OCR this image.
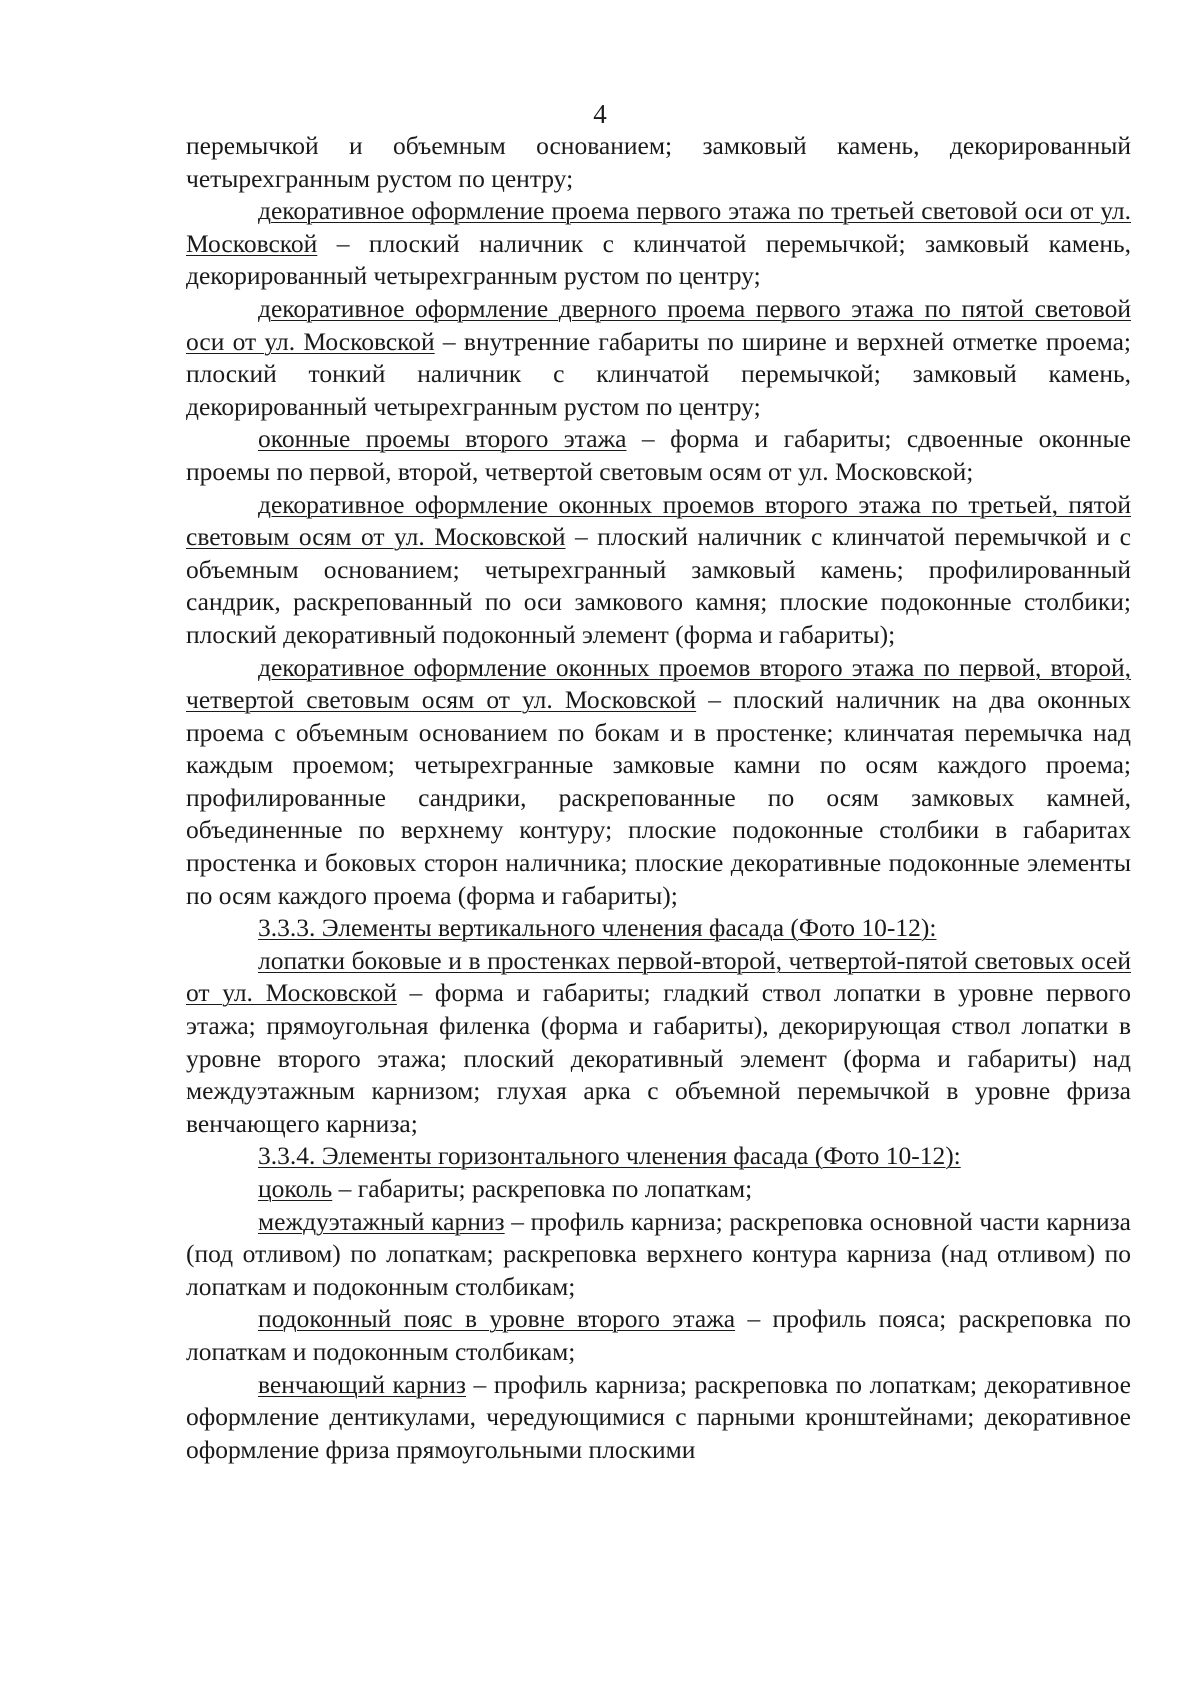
4

перемычкой и объемным основанием; замковый камень, декорированный четырехгранным рустом по центру;

декоративное оформление проема первого этажа по третьей световой оси от ул. Московской – плоский наличник с клинчатой перемычкой; замковый камень, декорированный четырехгранным рустом по центру;

декоративное оформление дверного проема первого этажа по пятой световой оси от ул. Московской – внутренние габариты по ширине и верхней отметке проема; плоский тонкий наличник с клинчатой перемычкой; замковый камень, декорированный четырехгранным рустом по центру;

оконные проемы второго этажа – форма и габариты; сдвоенные оконные проемы по первой, второй, четвертой световым осям от ул. Московской;

декоративное оформление оконных проемов второго этажа по третьей, пятой световым осям от ул. Московской – плоский наличник с клинчатой перемычкой и с объемным основанием; четырехгранный замковый камень; профилированный сандрик, раскрепованный по оси замкового камня; плоские подоконные столбики; плоский декоративный подоконный элемент (форма и габариты);

декоративное оформление оконных проемов второго этажа по первой, второй, четвертой световым осям от ул. Московской – плоский наличник на два оконных проема с объемным основанием по бокам и в простенке; клинчатая перемычка над каждым проемом; четырехгранные замковые камни по осям каждого проема; профилированные сандрики, раскрепованные по осям замковых камней, объединенные по верхнему контуру; плоские подоконные столбики в габаритах простенка и боковых сторон наличника; плоские декоративные подоконные элементы по осям каждого проема (форма и габариты);

3.3.3. Элементы вертикального членения фасада (Фото 10-12):

лопатки боковые и в простенках первой-второй, четвертой-пятой световых осей от ул. Московской – форма и габариты; гладкий ствол лопатки в уровне первого этажа; прямоугольная филенка (форма и габариты), декорирующая ствол лопатки в уровне второго этажа; плоский декоративный элемент (форма и габариты) над междуэтажным карнизом; глухая арка с объемной перемычкой в уровне фриза венчающего карниза;

3.3.4. Элементы горизонтального членения фасада (Фото 10-12):

цоколь – габариты; раскреповка по лопаткам;

междуэтажный карниз – профиль карниза; раскреповка основной части карниза (под отливом) по лопаткам; раскреповка верхнего контура карниза (над отливом) по лопаткам и подоконным столбикам;

подоконный пояс в уровне второго этажа – профиль пояса; раскреповка по лопаткам и подоконным столбикам;

венчающий карниз – профиль карниза; раскреповка по лопаткам; декоративное оформление дентикулами, чередующимися с парными кронштейнами; декоративное оформление фриза прямоугольными плоскими
